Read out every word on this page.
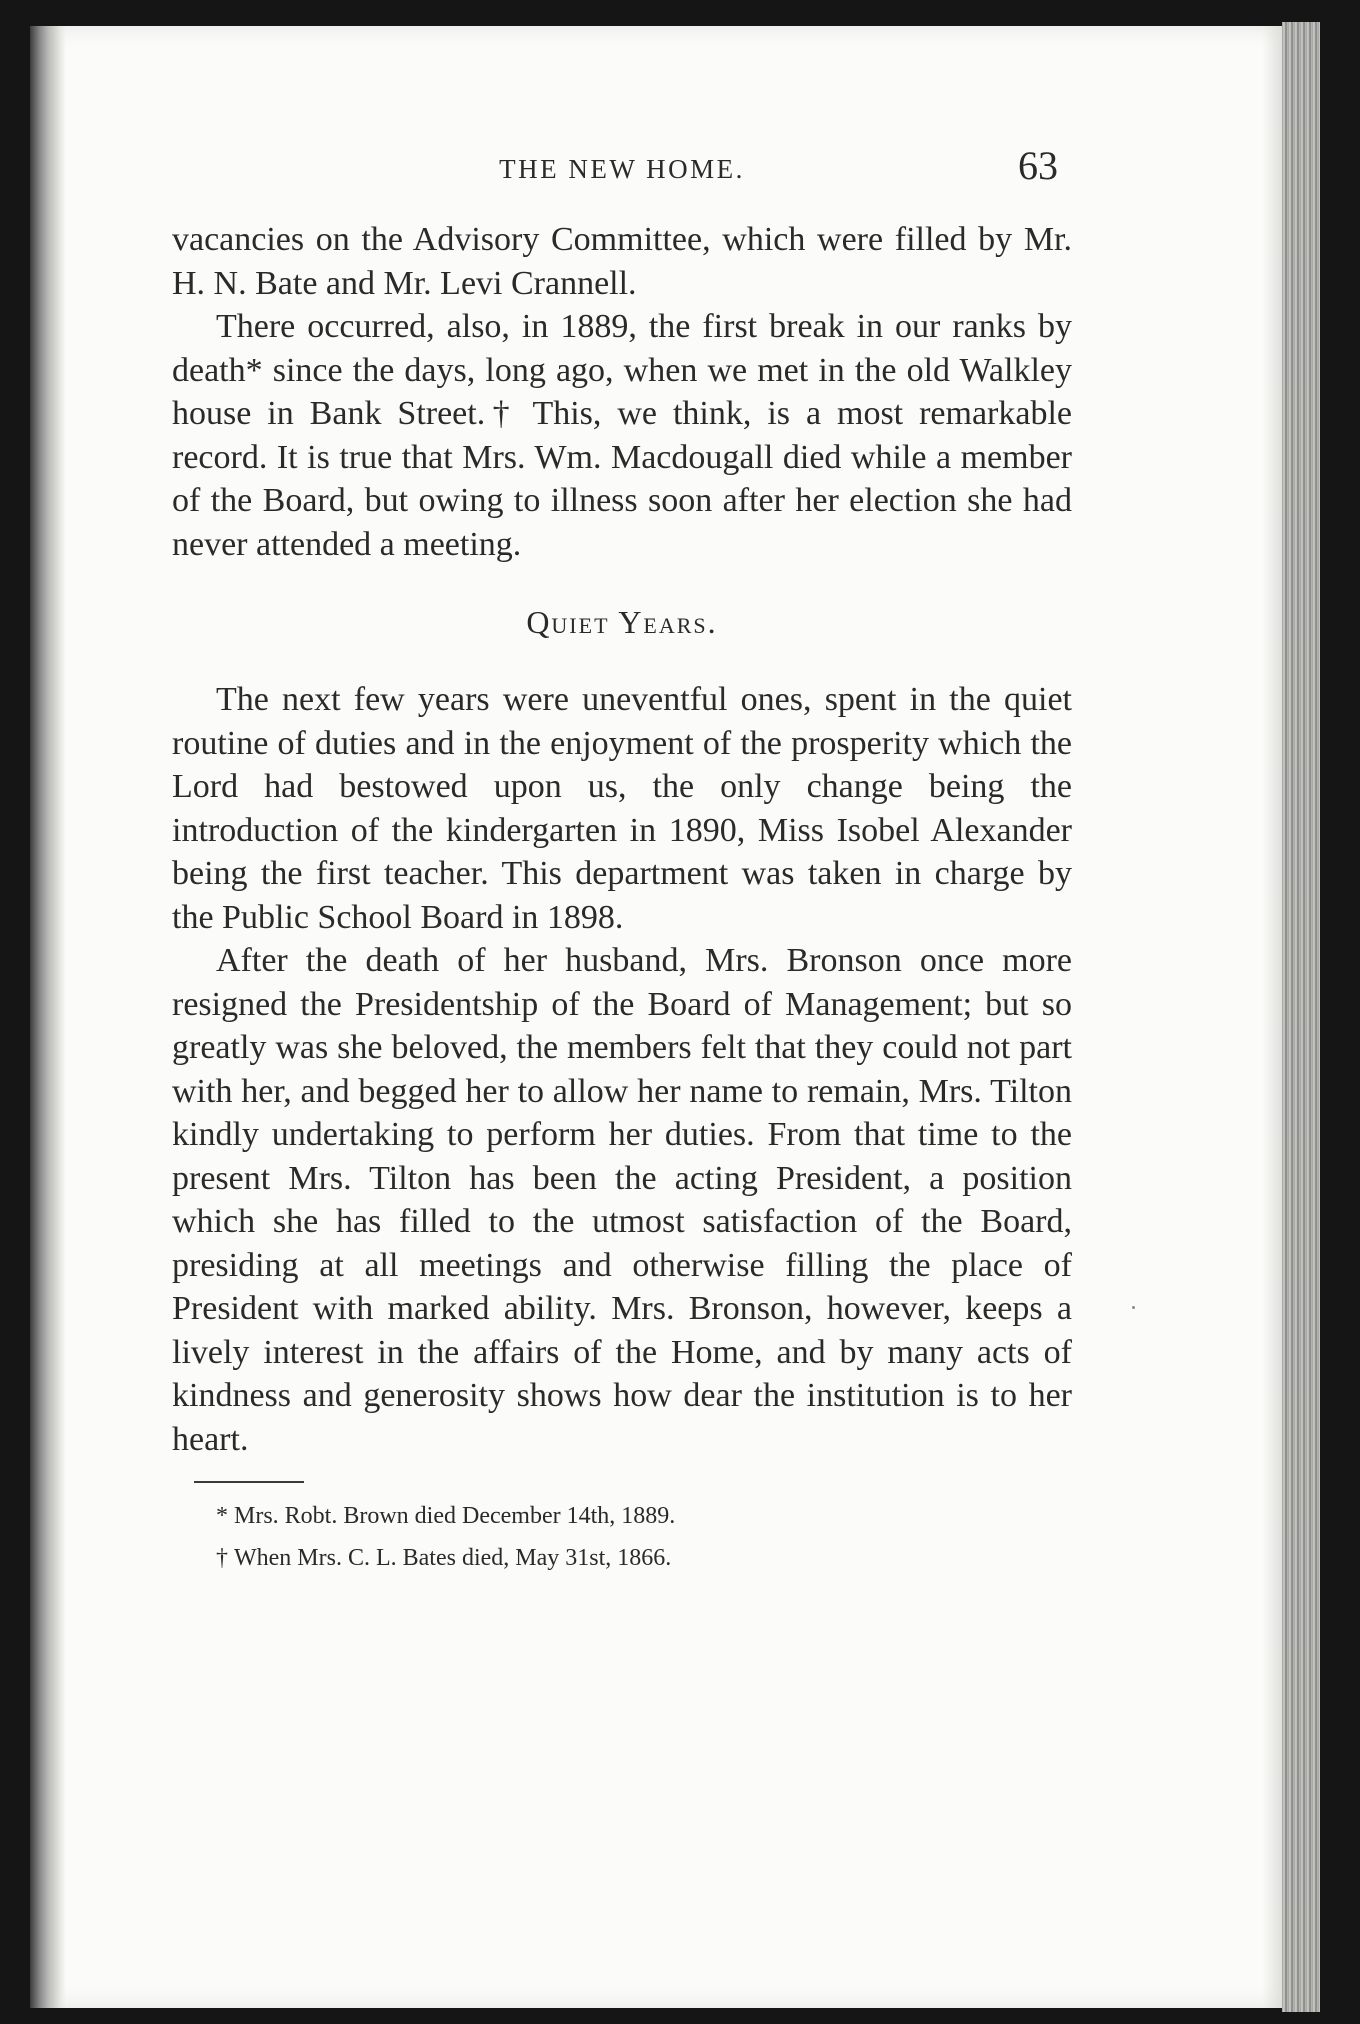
THE NEW HOME.	63

vacancies on the Advisory Committee, which were filled by Mr. H. N. Bate and Mr. Levi Crannell.

There occurred, also, in 1889, the first break in our ranks by death* since the days, long ago, when we met in the old Walkley house in Bank Street.† This, we think, is a most remarkable record. It is true that Mrs. Wm. Macdougall died while a member of the Board, but owing to illness soon after her election she had never attended a meeting.

Quiet Years.

The next few years were uneventful ones, spent in the quiet routine of duties and in the enjoyment of the prosperity which the Lord had bestowed upon us, the only change being the introduction of the kindergarten in 1890, Miss Isobel Alexander being the first teacher. This department was taken in charge by the Public School Board in 1898.

After the death of her husband, Mrs. Bronson once more resigned the Presidentship of the Board of Management; but so greatly was she beloved, the members felt that they could not part with her, and begged her to allow her name to remain, Mrs. Tilton kindly undertaking to perform her duties. From that time to the present Mrs. Tilton has been the acting President, a position which she has filled to the utmost satisfaction of the Board, presiding at all meetings and otherwise filling the place of President with marked ability. Mrs. Bronson, however, keeps a lively interest in the affairs of the Home, and by many acts of kindness and generosity shows how dear the institution is to her heart.

* Mrs. Robt. Brown died December 14th, 1889.

† When Mrs. C. L. Bates died, May 31st, 1866.
